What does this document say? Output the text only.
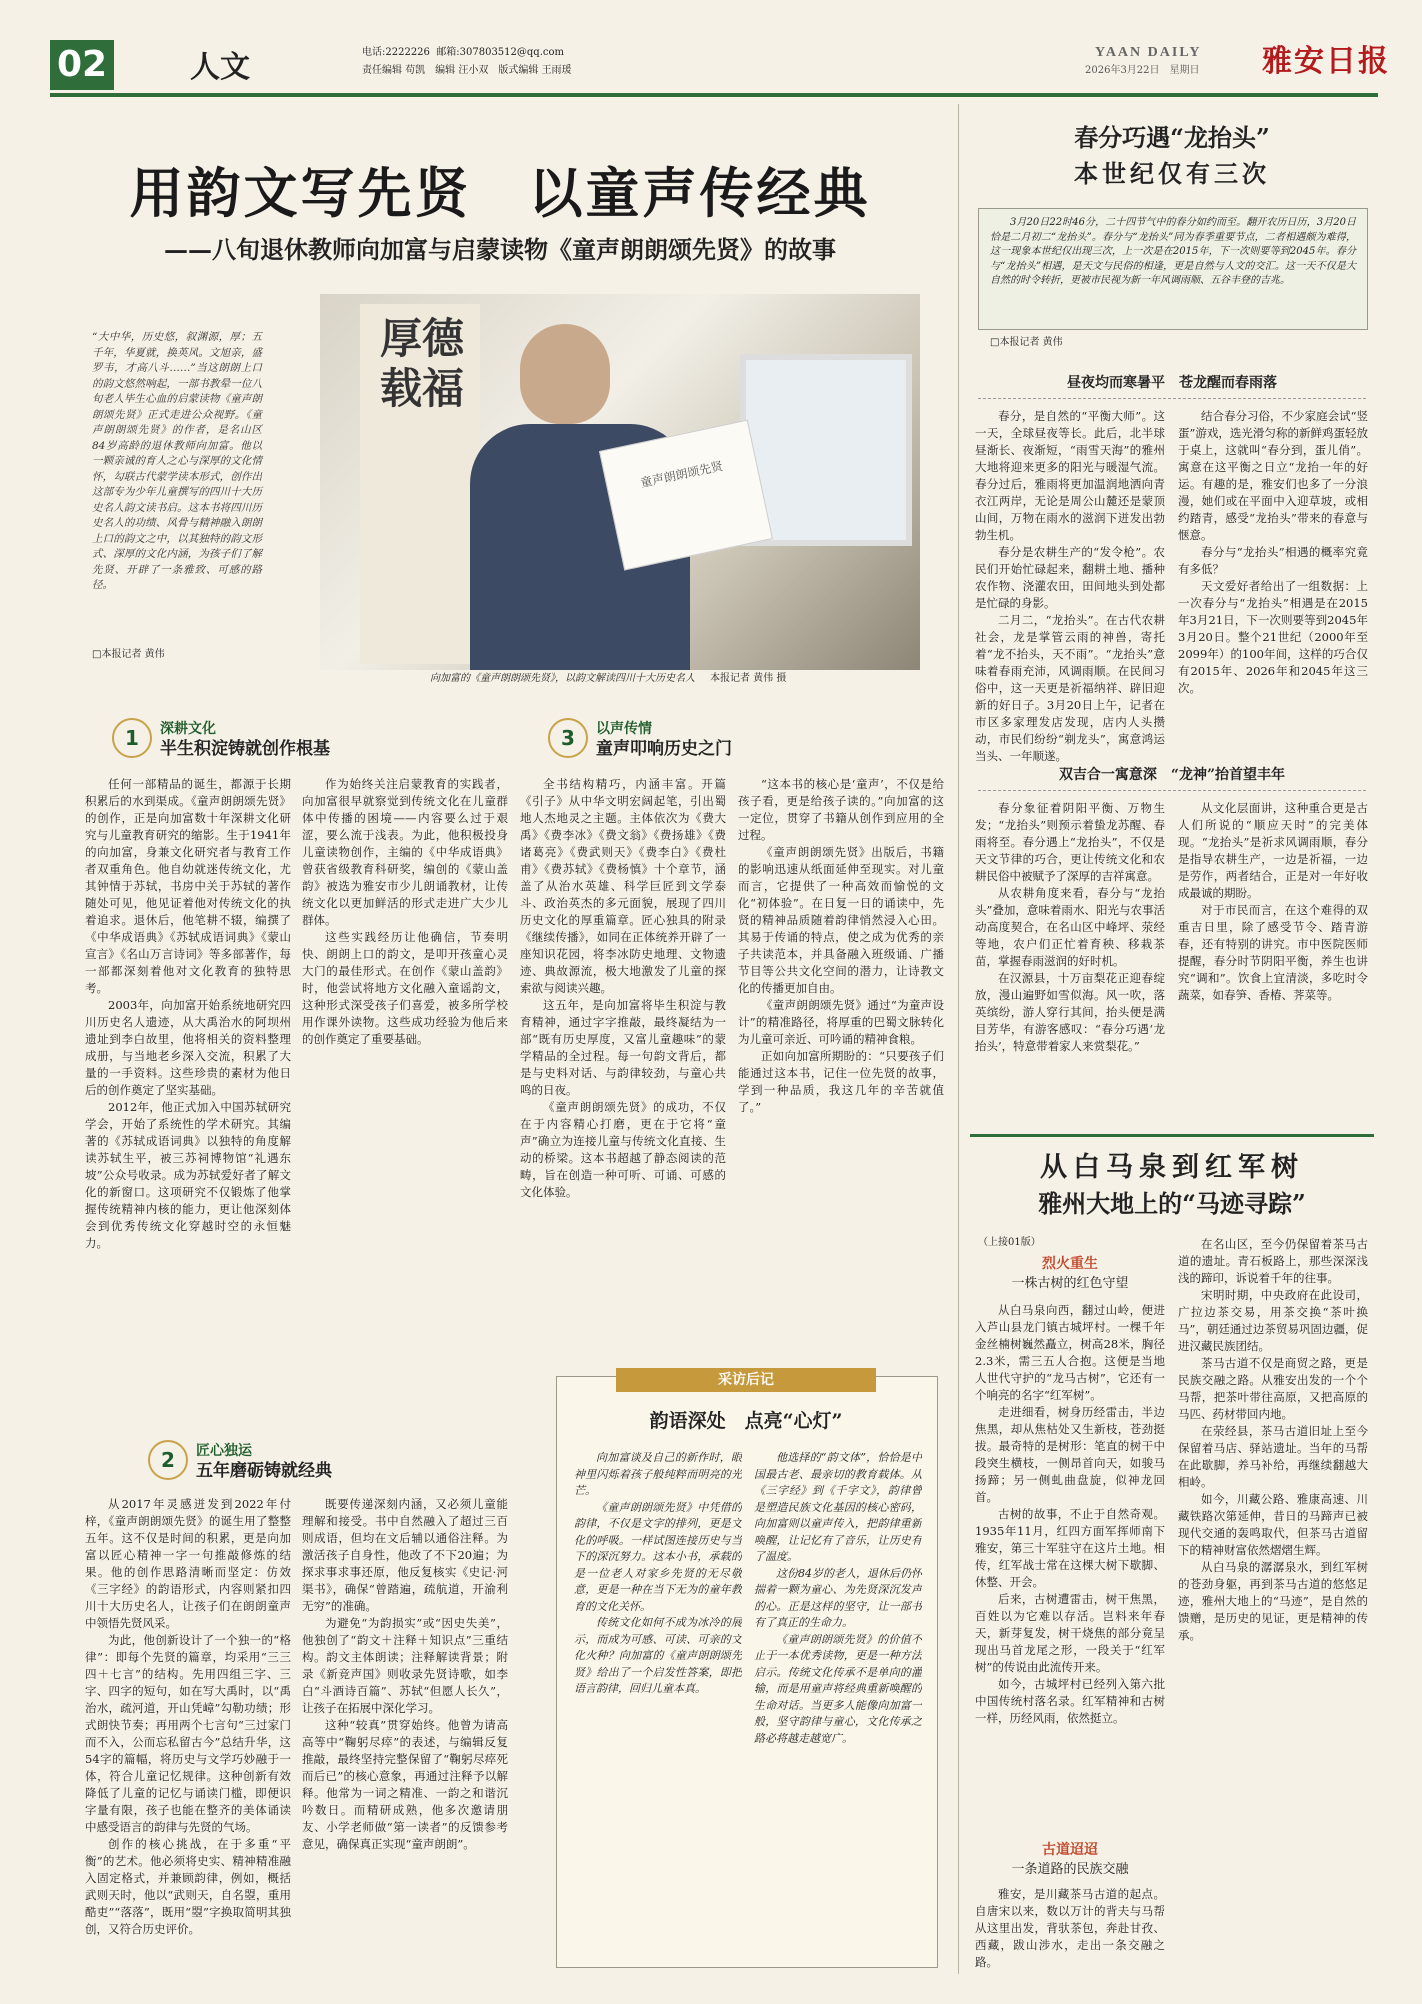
02	人文	电话:2222226 邮箱:307803512@qq.com
责任编辑 苟凯　编辑 汪小双　版式编辑 王雨瑗
YAAN DAILY
2026年3月22日　星期日 雅安日报
用韵文写先贤　以童声传经典
——八旬退休教师向加富与启蒙读物《童声朗朗颂先贤》的故事
“大中华，历史悠，叙渊源，厚；五千年，华夏就，换英风。文旭亲，盛罗韦，才高八斗……”当这朗朗上口的韵文悠然响起，一部书教晕一位八旬老人毕生心血的启蒙读物《童声朗朗颂先贤》正式走进公众视野。《童声朗朗颂先贤》的作者，是名山区84岁高龄的退休教师向加富。他以一颗亲诚的育人之心与深厚的文化情怀，勾联古代蒙学读本形式，创作出这部专为少年儿童撰写的四川十大历史名人韵文读书启。这本书将四川历史名人的功绩、风骨与精神融入朗朗上口的韵文之中，以其独特的韵文形式、深厚的文化内涵，为孩子们了解先贤、开辟了一条雅致、可感的路径。
□本报记者 黄伟
厚德载福
童声朗朗颂先贤
向加富的《童声朗朗颂先贤》，以韵文解读四川十大历史名人 本报记者 黄伟 摄
1	深耕文化
半生积淀铸就创作根基

任何一部精品的诞生，都源于长期积累后的水到渠成。《童声朗朗颂先贤》的创作，正是向加富数十年深耕文化研究与儿童教育研究的缩影。生于1941年的向加富，身兼文化研究者与教育工作者双重角色。他自幼就迷传统文化，尤其钟情于苏轼，书房中关于苏轼的著作随处可见，他见证着他对传统文化的执着追求。退休后，他笔耕不辍，编撰了《中华成语典》《苏轼成语词典》《蒙山宣言》《名山万言诗词》等多部著作，每一部都深刻着他对文化教育的独特思考。

2003年，向加富开始系统地研究四川历史名人遗迹，从大禹治水的阿坝州遗址到李白故里，他将相关的资料整理成册，与当地老乡深入交流，积累了大量的一手资料。这些珍贵的素材为他日后的创作奠定了坚实基础。

2012年，他正式加入中国苏轼研究学会，开始了系统性的学术研究。其编著的《苏轼成语词典》以独特的角度解读苏轼生平，被三苏祠博物馆“礼遇东坡”公众号收录。成为苏轼爱好者了解文化的新窗口。这项研究不仅锻炼了他掌握传统精神内核的能力，更让他深刻体会到优秀传统文化穿越时空的永恒魅力。

作为始终关注启蒙教育的实践者，向加富很早就察觉到传统文化在儿童群体中传播的困境——内容要么过于艰涩，要么流于浅表。为此，他积极投身儿童读物创作，主编的《中华成语典》曾获省级教育科研奖，编创的《蒙山盖韵》被选为雅安市少儿朗诵教材，让传统文化以更加鲜活的形式走进广大少儿群体。

这些实践经历让他确信，节奏明快、朗朗上口的韵文，是叩开孩童心灵大门的最佳形式。在创作《蒙山盖韵》时，他尝试将地方文化融入童谣韵文，这种形式深受孩子们喜爱，被多所学校用作课外读物。这些成功经验为他后来的创作奠定了重要基础。

3	以声传情
童声叩响历史之门

全书结构精巧，内涵丰富。开篇《引子》从中华文明宏阔起笔，引出蜀地人杰地灵之主题。主体依次为《费大禹》《费李冰》《费文翁》《费扬雄》《费诸葛亮》《费武则天》《费李白》《费杜甫》《费苏轼》《费杨慎》十个章节，涵盖了从治水英雄、科学巨匠到文学泰斗、政治英杰的多元面貌，展现了四川历史文化的厚重篇章。匠心独具的附录《继续传播》，如同在正体统养开辟了一座知识花园，将李冰防史地理、文物遗迹、典故源流，极大地激发了儿童的探索欲与阅读兴趣。

这五年，是向加富将毕生积淀与教育精神，通过字字推敲，最终凝结为一部“既有历史厚度，又富儿童趣味”的蒙学精品的全过程。每一句韵文背后，都是与史料对话、与韵律较劲，与童心共鸣的日夜。

《童声朗朗颂先贤》的成功，不仅在于内容精心打磨，更在于它将“童声”确立为连接儿童与传统文化直接、生动的桥梁。这本书超越了静态阅读的范畴，旨在创造一种可听、可诵、可感的文化体验。

“这本书的核心是‘童声’，不仅是给孩子看，更是给孩子读的。”向加富的这一定位，贯穿了书籍从创作到应用的全过程。

《童声朗朗颂先贤》出版后，书籍的影响迅速从纸面延伸至现实。对儿童而言，它提供了一种高效而愉悦的文化“初体验”。在日复一日的诵读中，先贤的精神品质随着韵律悄然浸入心田。其易于传诵的特点，使之成为优秀的亲子共读范本，并具备融入班级诵、广播节目等公共文化空间的潜力，让诗教文化的传播更加自由。

《童声朗朗颂先贤》通过“为童声设计”的精准路径，将厚重的巴蜀文脉转化为儿童可亲近、可吟诵的精神食粮。

正如向加富所期盼的：“只要孩子们能通过这本书，记住一位先贤的故事，学到一种品质，我这几年的辛苦就值了。”

2	匠心独运
五年磨砺铸就经典

从2017年灵感迸发到2022年付梓，《童声朗朗颂先贤》的诞生用了整整五年。这不仅是时间的积累，更是向加富以匠心精神一字一句推敲修炼的结果。他的创作思路清晰而坚定：仿效《三字经》的韵语形式，内容则紧扣四川十大历史名人，让孩子们在朗朗童声中领悟先贤风采。

为此，他创新设计了一个独一的“格律”：即每个先贤的篇章，均采用“三三四＋七言”的结构。先用四组三字、三字、四字的短句，如在写大禹时，以“禹治水，疏河道，开山凭嶂”勾勒功绩；形式朗快节奏；再用两个七言句“三过家门而不入，公而忘私留古今”总结升华，这54字的篇幅，将历史与文学巧妙融于一体，符合儿童记忆规律。这种创新有效降低了儿童的记忆与诵读门槛，即便识字量有限，孩子也能在整齐的美体诵读中感受语言的韵律与先贤的气场。

创作的核心挑战，在于多重“平衡”的艺术。他必须将史实、精神精准融入固定格式，并兼顾韵律，例如，概括武则天时，他以“武则天，自名曌，重用酷吏”“落落”，既用“曌”字换取简明其独创，又符合历史评价。

既要传递深刻内涵，又必须儿童能理解和接受。书中自然融入了超过三百则成语，但均在文后辅以通俗注释。为激活孩子自身性，他改了不下20遍；为探求事求事还原，他反复核实《史记·河渠书》，确保“曾踏遍，疏航道，开渝利无穷”的准确。

为避免“为韵损实”或“因史失美”，他独创了“韵文＋注释＋知识点”三重结构。韵文主体朗读；注释解读背景；附录《新竞声国》则收录先贤诗歌，如李白“斗酒诗百篇”、苏轼“但愿人长久”，让孩子在拓展中深化学习。

这种“较真”贯穿始终。他曾为请高高等中“鞠躬尽瘁”的表述，与编辑反复推敲，最终坚持完整保留了“鞠躬尽瘁死而后已”的核心意象，再通过注释予以解释。他常为一词之精准、一韵之和谐沉吟数日。而精研成熟，他多次邀请朋友、小学老师做“第一读者”的反馈参考意见，确保真正实现“童声朗朗”。

采访后记
韵语深处　点亮“心灯”

向加富谈及自己的新作时，眼神里闪烁着孩子般纯粹而明亮的光芒。

《童声朗朗颂先贤》中凭借的韵律，不仅是文字的排列，更是文化的呼吸。一样试图连接历史与当下的深沉努力。这本小书，承载的是一位老人对家乡先贤的无尽敬意，更是一种在当下无为的童年教育的文化关怀。

传统文化如何不成为冰冷的展示，而成为可感、可读、可亲的文化火种？向加富的《童声朗朗颂先贤》给出了一个启发性答案，即把语言韵律，回归儿童本真。

他选择的“韵文体”，恰恰是中国最古老、最亲切的教育载体。从《三字经》到《千字文》，韵律曾是塑造民族文化基因的核心密码，向加富则以童声传入，把韵律重新唤醒，让记忆有了音乐，让历史有了温度。

这份84岁的老人，退休后仍怀揣着一颗为童心、为先贤深沉发声的心。正是这样的坚守，让一部书有了真正的生命力。

《童声朗朗颂先贤》的价值不止于一本优秀读物，更是一种方法启示。传统文化传承不是单向的灌输，而是用童声将经典重新唤醒的生命对话。当更多人能像向加富一般，坚守韵律与童心，文化传承之路必将越走越宽广。

春分巧遇“龙抬头”
本世纪仅有三次
3月20日22时46分，二十四节气中的春分如约而至。翻开农历日历，3月20日恰是二月初二“龙抬头”。春分与“龙抬头”同为春季重要节点，二者相遇颇为难得，这一现象本世纪仅出现三次，上一次是在2015年，下一次则要等到2045年。春分与“龙抬头”相遇，是天文与民俗的相逢，更是自然与人文的交汇。这一天不仅是大自然的时令转折，更被市民视为新一年风调雨顺、五谷丰登的吉兆。
□本报记者 黄伟
昼夜均而寒暑平　苍龙醒而春雨落

春分，是自然的“平衡大师”。这一天，全球昼夜等长。此后，北半球昼渐长、夜渐短，“雨雪天海”的雅州大地将迎来更多的阳光与暖湿气流。春分过后，雅雨将更加温润地洒向青衣江两岸，无论是周公山麓还是蒙顶山间，万物在雨水的滋润下迸发出勃勃生机。

春分是农耕生产的“发令枪”。农民们开始忙碌起来，翻耕土地、播种农作物、浇灌农田，田间地头到处都是忙碌的身影。

二月二，“龙抬头”。在古代农耕社会，龙是掌管云雨的神兽，寄托着“龙不抬头，天不雨”。“龙抬头”意味着春雨充沛，风调雨顺。在民间习俗中，这一天更是祈福纳祥、辟旧迎新的好日子。3月20日上午，记者在市区多家理发店发现，店内人头攒动，市民们纷纷“剃龙头”，寓意鸿运当头、一年顺遂。

结合春分习俗，不少家庭会试“竖蛋”游戏，选光滑匀称的新鲜鸡蛋轻放于桌上，这就叫“春分到，蛋儿俏”。寓意在这平衡之日立“龙抬一年的好运。有趣的是，雅安们也多了一分浪漫，她们或在平面中入迎草坡，或相约踏青，感受“龙抬头”带来的春意与惬意。

春分与“龙抬头”相遇的概率究竟有多低？

天文爱好者给出了一组数据：上一次春分与“龙抬头”相遇是在2015年3月21日，下一次则要等到2045年3月20日。整个21世纪（2000年至2099年）的100年间，这样的巧合仅有2015年、2026年和2045年这三次。

双吉合一寓意深　“龙神”抬首望丰年

春分象征着阴阳平衡、万物生发；“龙抬头”则预示着蛰龙苏醒、春雨将至。春分遇上“龙抬头”，不仅是天文节律的巧合，更让传统文化和农耕民俗中被赋予了深厚的吉祥寓意。

从农耕角度来看，春分与“龙抬头”叠加，意味着雨水、阳光与农事活动高度契合，在名山区中峰坪、荥经等地，农户们正忙着育秧、移栽茶苗，掌握春雨滋润的好时机。

在汉源县，十万亩梨花正迎春绽放，漫山遍野如雪似海。风一吹，落英缤纷，游人穿行其间，抬头便是满目芳华，有游客感叹：“春分巧遇‘龙抬头’，特意带着家人来赏梨花。”

从文化层面讲，这种重合更是古人们所说的“顺应天时”的完美体现。“龙抬头”是祈求风调雨顺，春分是指导农耕生产，一边是祈福，一边是劳作，两者结合，正是对一年好收成最诚的期盼。

对于市民而言，在这个难得的双重吉日里，除了感受节令、踏青游春，还有特别的讲究。市中医院医师提醒，春分时节阴阳平衡，养生也讲究“调和”。饮食上宜清淡，多吃时令蔬菜，如春笋、香椿、荠菜等。

从白马泉到红军树
雅州大地上的“马迹寻踪”
（上接01版）
烈火重生
一株古树的红色守望

从白马泉向西，翻过山岭，便进入芦山县龙门镇古城坪村。一棵千年金丝楠树巍然矗立，树高28米，胸径2.3米，需三五人合抱。这便是当地人世代守护的“龙马古树”，它还有一个响亮的名字“红军树”。

走进细看，树身历经雷击，半边焦黑，却从焦枯处又生新枝，苍劲挺拔。最奇特的是树形：笔直的树干中段突生横枝，一侧昂首向天，如骏马扬蹄；另一侧虬曲盘旋，似神龙回首。

古树的故事，不止于自然奇观。1935年11月，红四方面军挥师南下雅安，第三十军驻守在这片土地。相传，红军战士常在这棵大树下歇脚、休整、开会。

后来，古树遭雷击，树干焦黑，百姓以为它难以存活。岂料来年春天，新芽复发，树干烧焦的部分竟呈现出马首龙尾之形，一段关于“红军树”的传说由此流传开来。

如今，古城坪村已经列入第六批中国传统村落名录。红军精神和古树一样，历经风雨，依然挺立。

古道迢迢
一条道路的民族交融

雅安，是川藏茶马古道的起点。自唐宋以来，数以万计的背夫与马帮从这里出发，背驮茶包，奔赴甘孜、西藏，跋山涉水，走出一条交融之路。

在名山区，至今仍保留着茶马古道的遗址。青石板路上，那些深深浅浅的蹄印，诉说着千年的往事。

宋明时期，中央政府在此设司，广拉边茶交易，用茶交换“茶叶换马”，朝廷通过边茶贸易巩固边疆，促进汉藏民族团结。

茶马古道不仅是商贸之路，更是民族交融之路。从雅安出发的一个个马帮，把茶叶带往高原，又把高原的马匹、药材带回内地。

在荥经县，茶马古道旧址上至今保留着马店、驿站遗址。当年的马帮在此歇脚，养马补给，再继续翻越大相岭。

如今，川藏公路、雅康高速、川藏铁路次第延伸，昔日的马蹄声已被现代交通的轰鸣取代，但茶马古道留下的精神财富依然熠熠生辉。

从白马泉的潺潺泉水，到红军树的苍劲身躯，再到茶马古道的悠悠足迹，雅州大地上的“马迹”，是自然的馈赠，是历史的见证，更是精神的传承。
